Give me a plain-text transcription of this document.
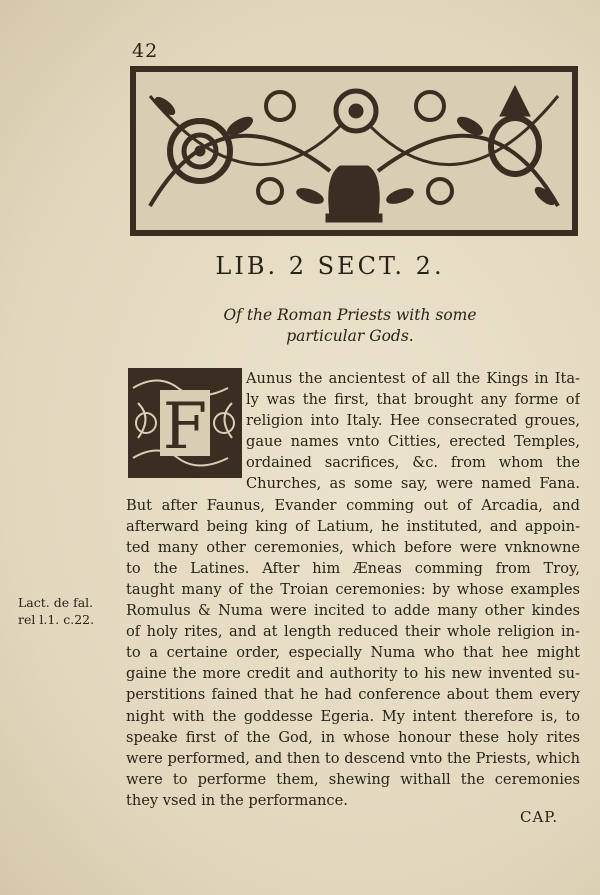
42
LIB. 2 SECT. 2.
Of the Roman Priests with some
particular Gods.
F
Aunus the ancientest of all the Kings in Ita-
ly was the first, that brought any forme of
religion into Italy. Hee consecrated groues,
gaue names vnto Citties, erected Temples,
ordained sacrifices, &c. from whom the
Churches, as some say, were named Fana.
But after Faunus, Evander comming out of Arcadia, and
afterward being king of Latium, he instituted, and appoin-
ted many other ceremonies, which before were vnknowne
to the Latines. After him Æneas comming from Troy,
taught many of the Troian ceremonies: by whose examples
Romulus & Numa were incited to adde many other kindes
of holy rites, and at length reduced their whole religion in-
to a certaine order, especially Numa who that hee might
gaine the more credit and authority to his new invented su-
perstitions fained that he had conference about them every
night with the goddesse Egeria. My intent therefore is, to
speake first of the God, in whose honour these holy rites
were performed, and then to descend vnto the Priests, which
were to performe them, shewing withall the ceremonies
they vsed in the performance.
Lact. de fal.
rel l.1. c.22.
CAP.
